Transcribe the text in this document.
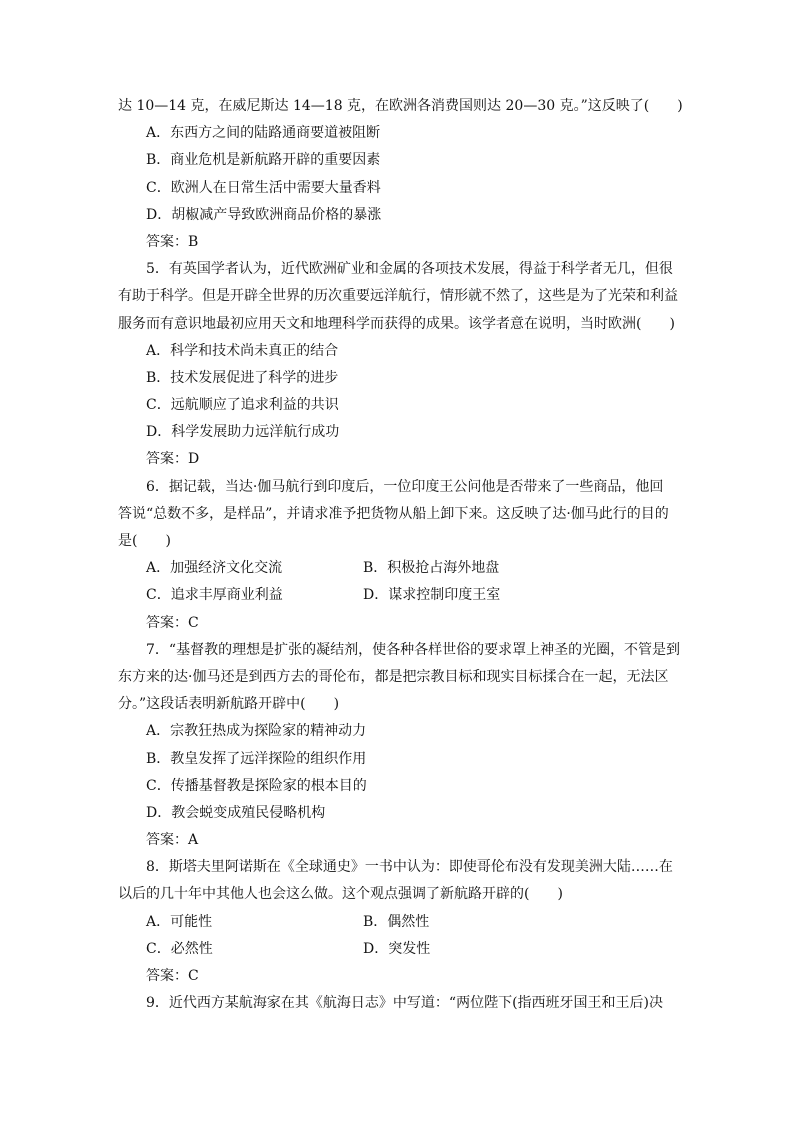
达 10—14 克，在威尼斯达 14—18 克，在欧洲各消费国则达 20—30 克。”这反映了(　　)
A．东西方之间的陆路通商要道被阻断
B．商业危机是新航路开辟的重要因素
C．欧洲人在日常生活中需要大量香料
D．胡椒减产导致欧洲商品价格的暴涨
答案：B
5．有英国学者认为，近代欧洲矿业和金属的各项技术发展，得益于科学者无几，但很
有助于科学。但是开辟全世界的历次重要远洋航行，情形就不然了，这些是为了光荣和利益
服务而有意识地最初应用天文和地理科学而获得的成果。该学者意在说明，当时欧洲(　　)
A．科学和技术尚未真正的结合
B．技术发展促进了科学的进步
C．远航顺应了追求利益的共识
D．科学发展助力远洋航行成功
答案：D
6．据记载，当达·伽马航行到印度后，一位印度王公问他是否带来了一些商品，他回
答说“总数不多，是样品”，并请求准予把货物从船上卸下来。这反映了达·伽马此行的目的
是(　　)
A．加强经济文化交流	B．积极抢占海外地盘
C．追求丰厚商业利益	D．谋求控制印度王室
答案：C
7．“基督教的理想是扩张的凝结剂，使各种各样世俗的要求罩上神圣的光圈，不管是到
东方来的达·伽马还是到西方去的哥伦布，都是把宗教目标和现实目标揉合在一起，无法区
分。”这段话表明新航路开辟中(　　)
A．宗教狂热成为探险家的精神动力
B．教皇发挥了远洋探险的组织作用
C．传播基督教是探险家的根本目的
D．教会蜕变成殖民侵略机构
答案：A
8．斯塔夫里阿诺斯在《全球通史》一书中认为：即使哥伦布没有发现美洲大陆……在
以后的几十年中其他人也会这么做。这个观点强调了新航路开辟的(　　)
A．可能性	B．偶然性
C．必然性	D．突发性
答案：C
9．近代西方某航海家在其《航海日志》中写道：“两位陛下(指西班牙国王和王后)决
